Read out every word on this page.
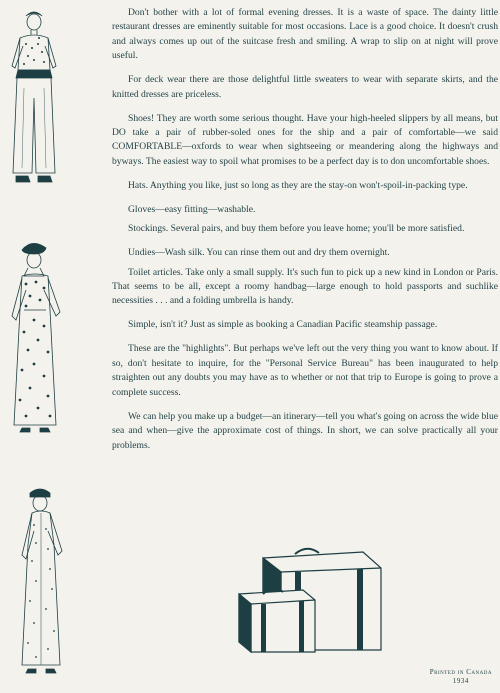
Don't bother with a lot of formal evening dresses. It is a waste of space. The dainty little restaurant dresses are eminently suitable for most occasions. Lace is a good choice. It doesn't crush and always comes up out of the suitcase fresh and smiling. A wrap to slip on at night will prove useful.

For deck wear there are those delightful little sweaters to wear with separate skirts, and the knitted dresses are priceless.

Shoes! They are worth some serious thought. Have your high-heeled slippers by all means, but DO take a pair of rubber-soled ones for the ship and a pair of comfortable—we said COMFORTABLE—oxfords to wear when sightseeing or meandering along the highways and byways. The easiest way to spoil what promises to be a perfect day is to don uncomfortable shoes.

Hats. Anything you like, just so long as they are the stay-on won't-spoil-in-packing type.

Gloves—easy fitting—washable.

Stockings. Several pairs, and buy them before you leave home; you'll be more satisfied.

Undies—Wash silk. You can rinse them out and dry them overnight.

Toilet articles. Take only a small supply. It's such fun to pick up a new kind in London or Paris. That seems to be all, except a roomy handbag—large enough to hold passports and suchlike necessities . . . and a folding umbrella is handy.

Simple, isn't it? Just as simple as booking a Canadian Pacific steamship passage.

These are the "highlights". But perhaps we've left out the very thing you want to know about. If so, don't hesitate to inquire, for the "Personal Service Bureau" has been inaugurated to help straighten out any doubts you may have as to whether or not that trip to Europe is going to prove a complete success.

We can help you make up a budget—an itinerary—tell you what's going on across the wide blue sea and when—give the approximate cost of things. In short, we can solve practically all your problems.

Printed in Canada
1934
